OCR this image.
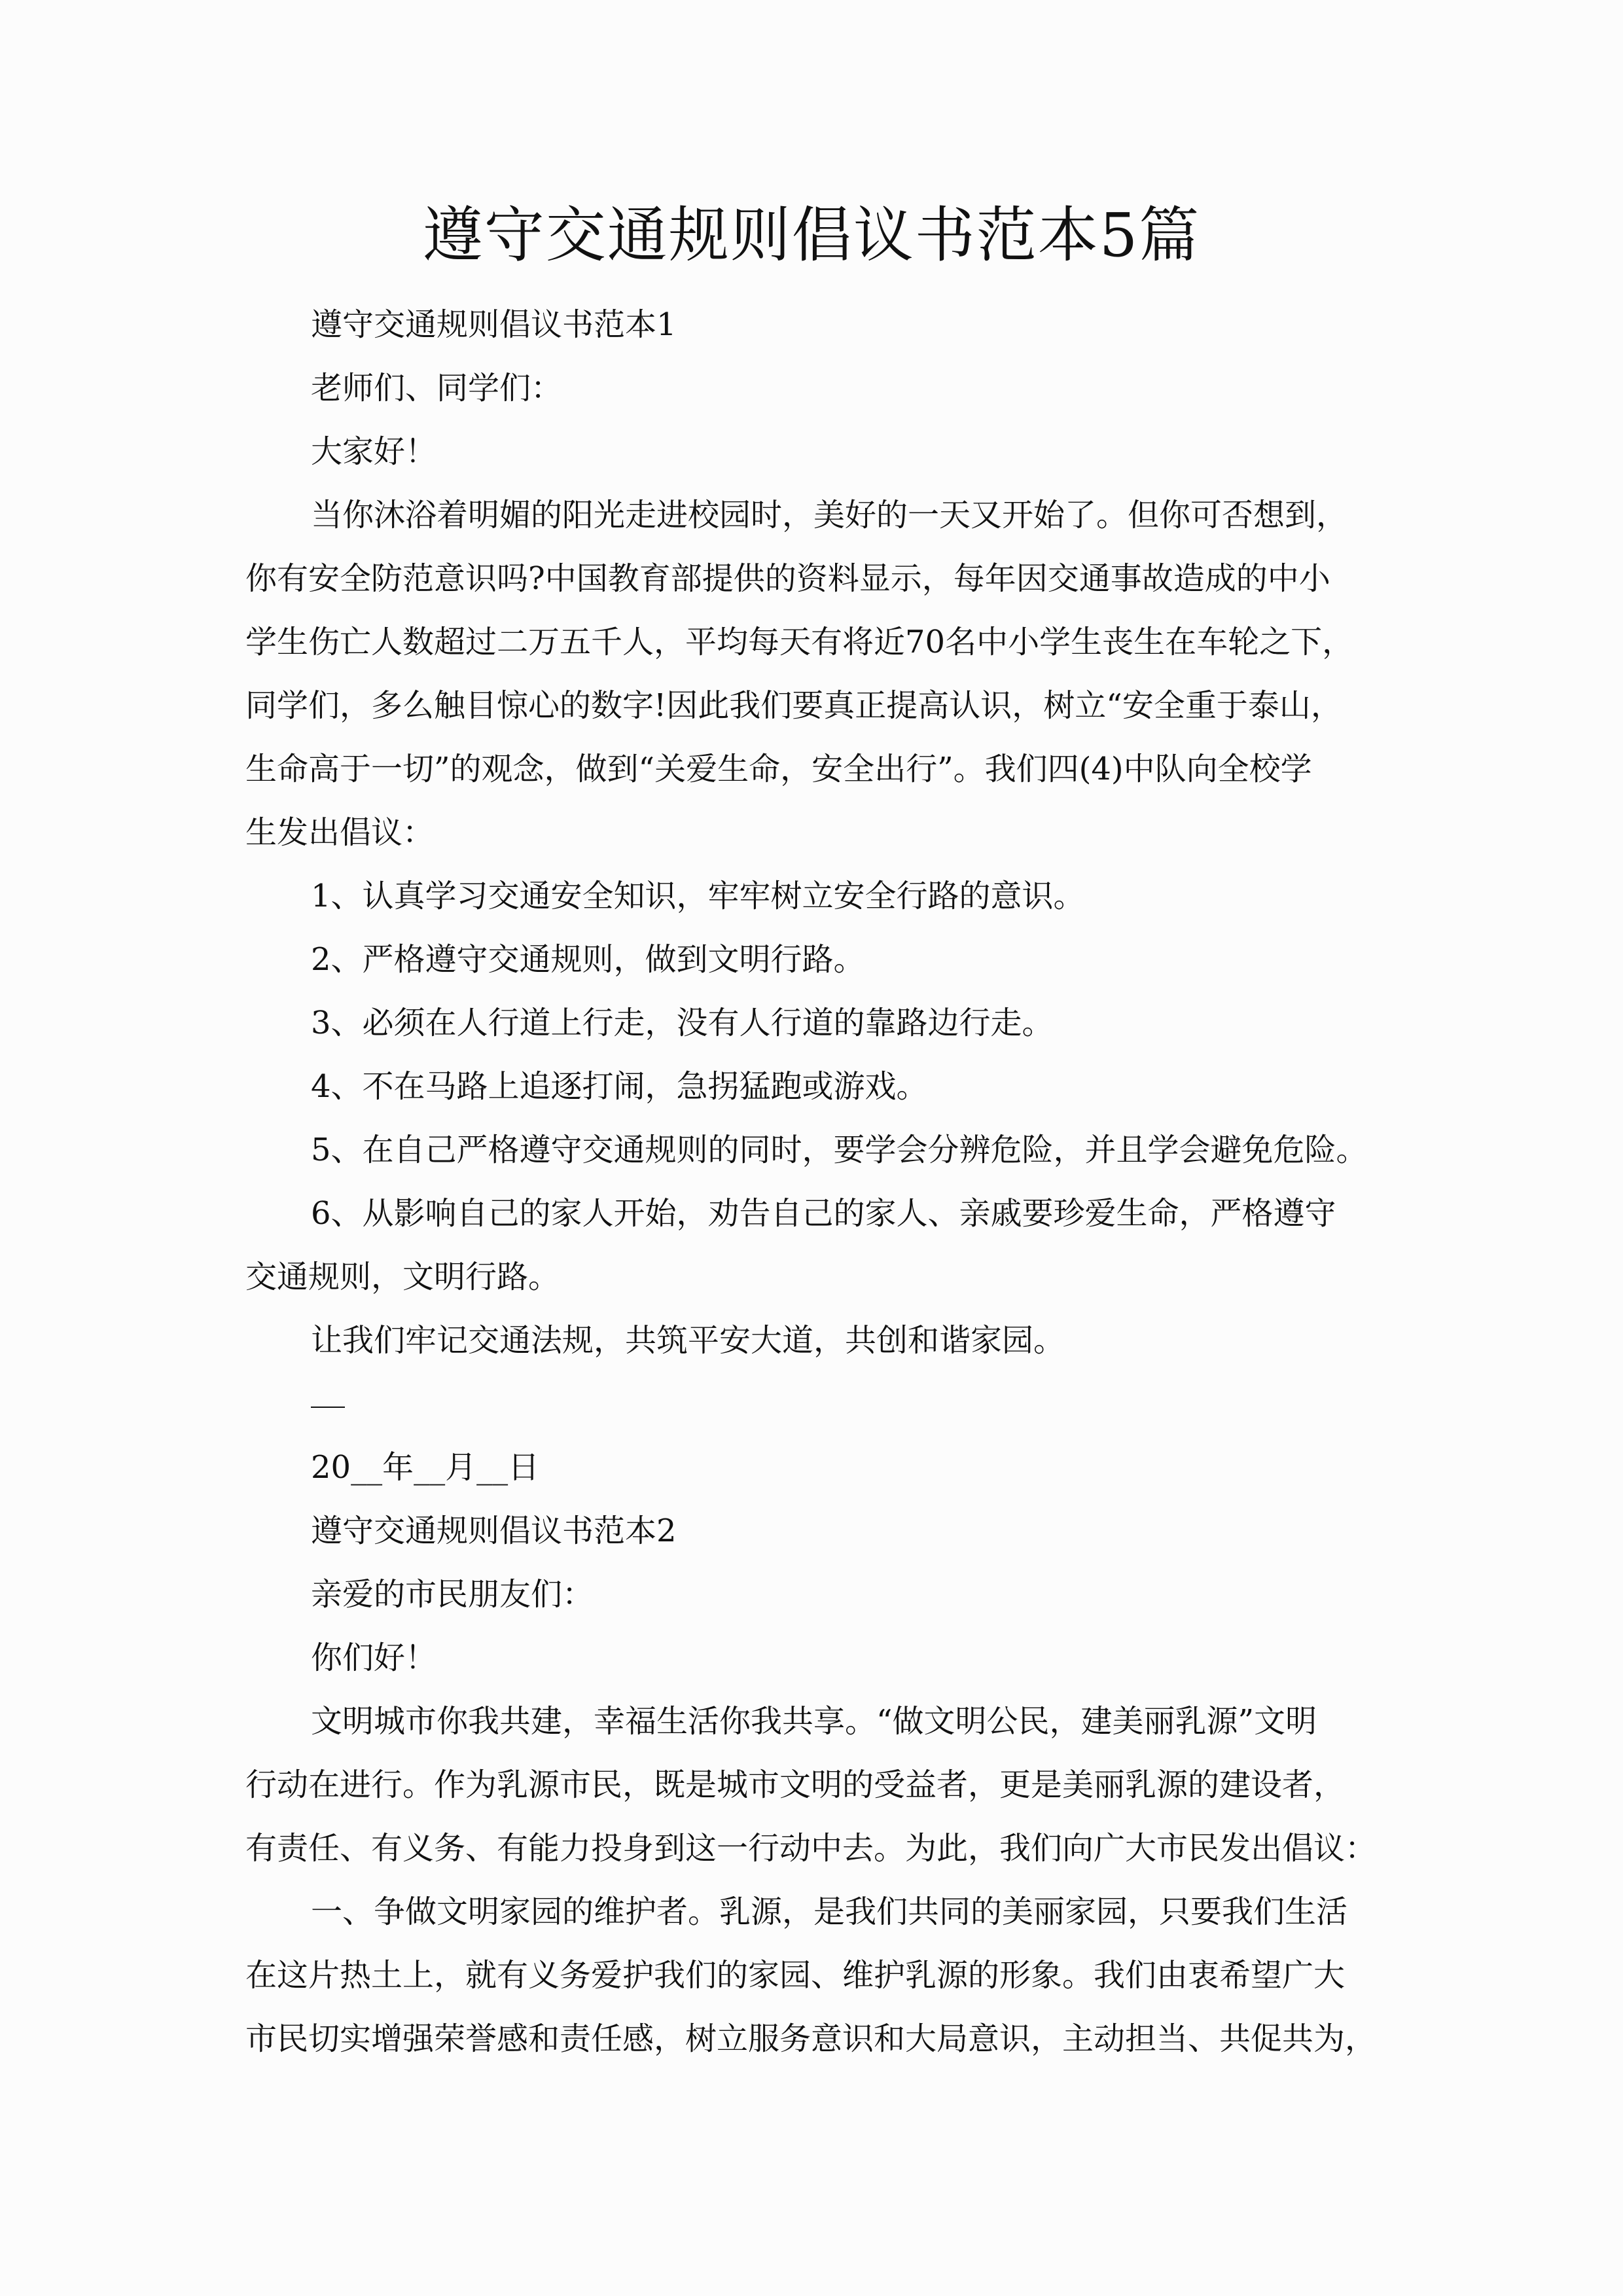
遵守交通规则倡议书范本5篇

遵守交通规则倡议书范本1

老师们、同学们：

大家好！

当你沐浴着明媚的阳光走进校园时，美好的一天又开始了。但你可否想到，

你有安全防范意识吗?中国教育部提供的资料显示，每年因交通事故造成的中小

学生伤亡人数超过二万五千人，平均每天有将近70名中小学生丧生在车轮之下，

同学们，多么触目惊心的数字!因此我们要真正提高认识，树立“安全重于泰山，

生命高于一切”的观念，做到“关爱生命，安全出行”。我们四(4)中队向全校学

生发出倡议：

1、认真学习交通安全知识，牢牢树立安全行路的意识。

2、严格遵守交通规则，做到文明行路。

3、必须在人行道上行走，没有人行道的靠路边行走。

4、不在马路上追逐打闹，急拐猛跑或游戏。

5、在自己严格遵守交通规则的同时，要学会分辨危险，并且学会避免危险。

6、从影响自己的家人开始，劝告自己的家人、亲戚要珍爱生命，严格遵守

交通规则，文明行路。

让我们牢记交通法规，共筑平安大道，共创和谐家园。

20__年__月__日

遵守交通规则倡议书范本2

亲爱的市民朋友们：

你们好！

文明城市你我共建，幸福生活你我共享。“做文明公民，建美丽乳源”文明

行动在进行。作为乳源市民，既是城市文明的受益者，更是美丽乳源的建设者，

有责任、有义务、有能力投身到这一行动中去。为此，我们向广大市民发出倡议：

一、争做文明家园的维护者。乳源，是我们共同的美丽家园，只要我们生活

在这片热土上，就有义务爱护我们的家园、维护乳源的形象。我们由衷希望广大

市民切实增强荣誉感和责任感，树立服务意识和大局意识，主动担当、共促共为，
